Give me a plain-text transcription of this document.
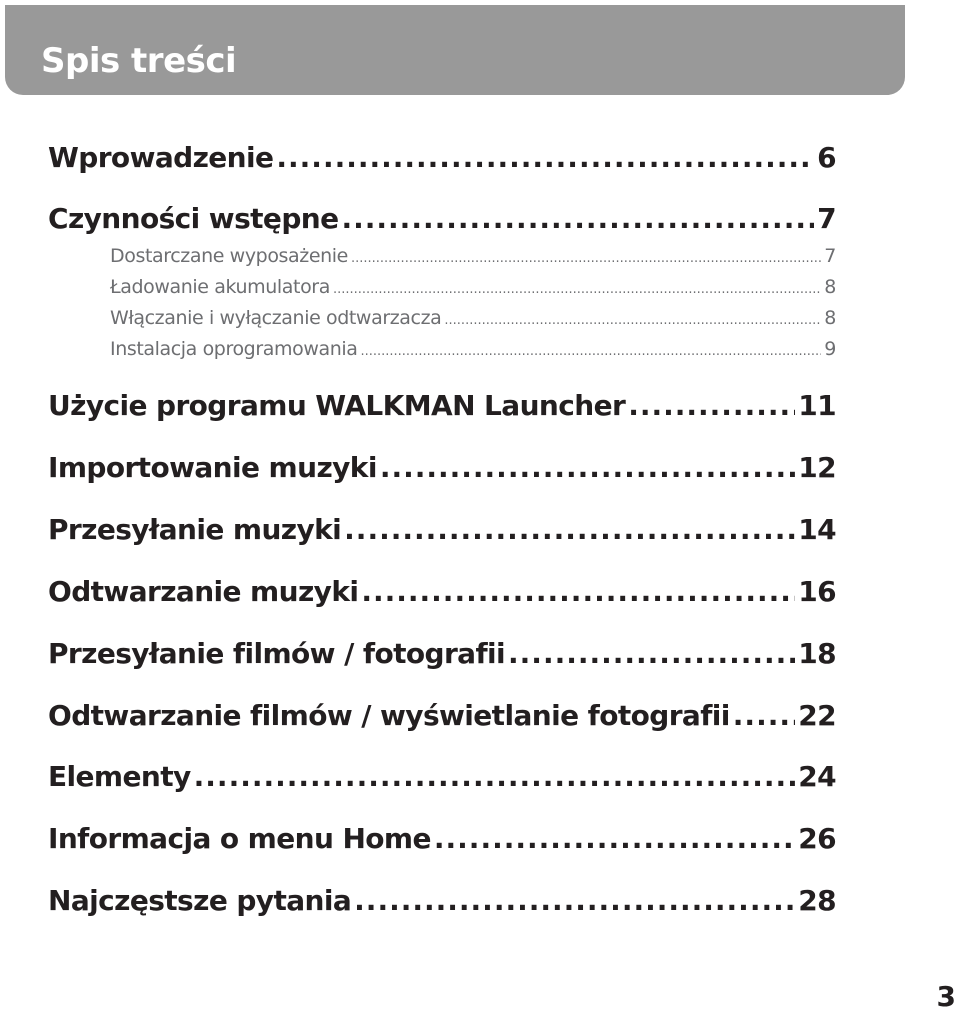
Spis treści
Wprowadzenie .....	6
Czynności wstępne .....	7
Dostarczane wyposażenie .....	7
Ładowanie akumulatora .....	8
Włączanie i wyłączanie odtwarzacza .....	8
Instalacja oprogramowania .....	9
Użycie programu WALKMAN Launcher .....	11
Importowanie muzyki .....	12
Przesyłanie muzyki .....	14
Odtwarzanie muzyki .....	16
Przesyłanie filmów / fotografii .....	18
Odtwarzanie filmów / wyświetlanie fotografii ..... 22
Elementy .....	24
Informacja o menu Home .....	26
Najczęstsze pytania .....	28
3
